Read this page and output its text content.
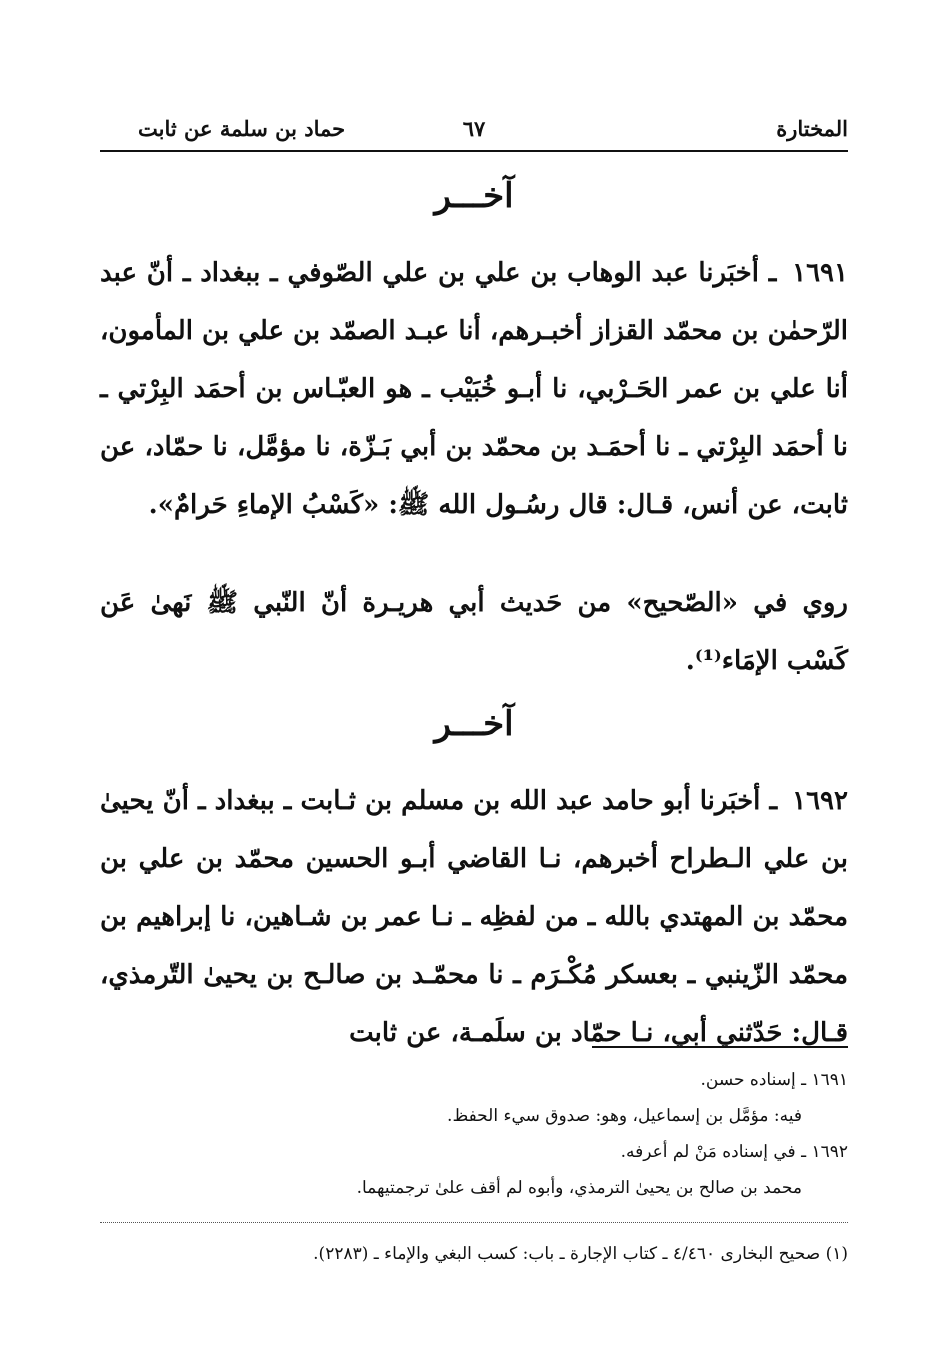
المختارة
٦٧
حماد بن سلمة عن ثابت
آخـــر
١٦٩١ ـ أخبَرنا عبد الوهاب بن علي بن علي الصّوفي ـ ببغداد ـ أنّ عبد الرّحمٰن بن محمّد القزاز أخبـرهم، أنا عبـد الصمّد بن علي بن المأمون، أنا علي بن عمر الحَـرْبي، نا أبـو خُبَيْب ـ هو العبّـاس بن أحمَد البِرْتي ـ نا أحمَد البِرْتي ـ نا أحمَـد بن محمّد بن أبي بَـزّة، نا مؤمَّل، نا حمّاد، عن ثابت، عن أنس، قـال: قال رسُـول الله ﷺ: «كَسْبُ الإماءِ حَرامٌ».
روي في «الصّحيح» من حَديث أبي هريـرة أنّ النّبي ﷺ نَهىٰ عَن كَسْب الإمَاء⁽¹⁾.
آخـــر
١٦٩٢ ـ أخبَرنا أبو حامد عبد الله بن مسلم بن ثـابت ـ ببغداد ـ أنّ يحيىٰ بن علي الـطراح أخبرهم، نـا القاضي أبـو الحسين محمّد بن علي بن محمّد بن المهتدي بالله ـ من لفظِه ـ نـا عمر بن شـاهين، نا إبراهيم بن محمّد الزّينبي ـ بعسكر مُكْـرَم ـ نا محمّـد بن صالـح بن يحيىٰ التّرمذي، قـال: حَدّثني أبي، نـا حمّاد بن سلَمـة، عن ثابت
١٦٩١ ـ إسناده حسن.
فيه: مؤمَّل بن إسماعيل، وهو: صدوق سيء الحفظ.
١٦٩٢ ـ في إسناده مَنْ لم أعرفه.
محمد بن صالح بن يحيىٰ الترمذي، وأبوه لم أقف علىٰ ترجمتيهما.
(١) صحيح البخارى ٤/٤٦٠ ـ كتاب الإجارة ـ باب: كسب البغي والإماء ـ (٢٢٨٣).
